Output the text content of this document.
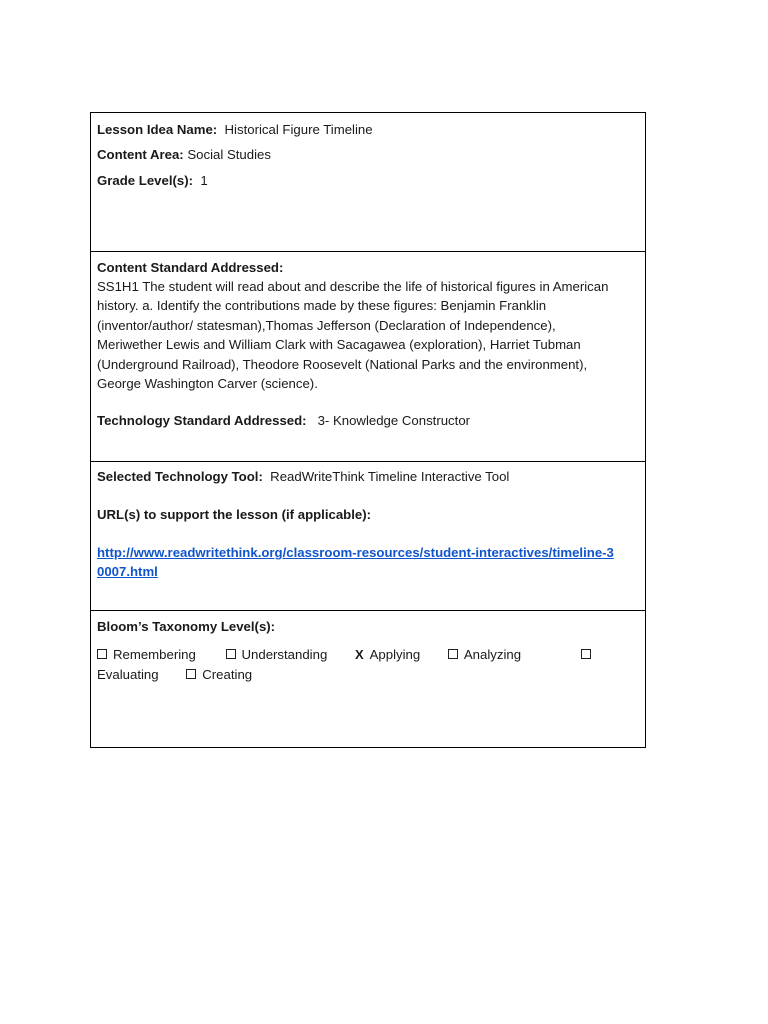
Lesson Idea Name: Historical Figure Timeline
Content Area: Social Studies
Grade Level(s): 1
Content Standard Addressed:
SS1H1 The student will read about and describe the life of historical figures in American
history. a. Identify the contributions made by these figures: Benjamin Franklin
(inventor/author/ statesman),Thomas Jefferson (Declaration of Independence),
Meriwether Lewis and William Clark with Sacagawea (exploration), Harriet Tubman
(Underground Railroad), Theodore Roosevelt (National Parks and the environment),
George Washington Carver (science).
Technology Standard Addressed: 3- Knowledge Constructor
Selected Technology Tool: ReadWriteThink Timeline Interactive Tool
URL(s) to support the lesson (if applicable):
http://www.readwritethink.org/classroom-resources/student-interactives/timeline-3
0007.html
Bloom’s Taxonomy Level(s):
Remembering	Understanding X Applying	Analyzing
Evaluating	Creating
